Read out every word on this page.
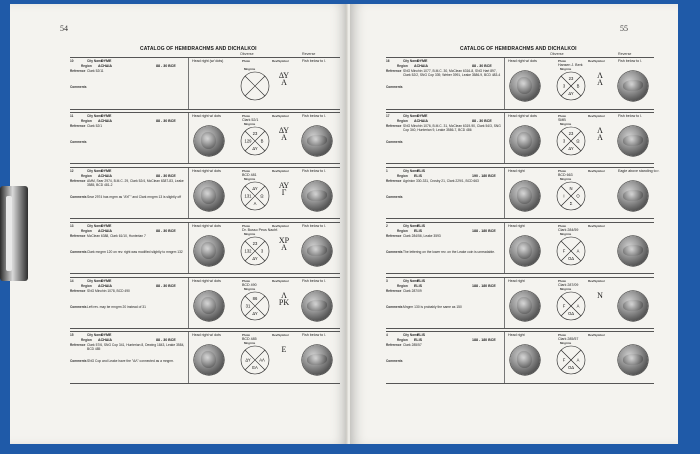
54
CATALOG OF HEMIDRACHMS AND DICHALKOI
Obverse	Reverse
10	City NameDYME
Region ACHAIA	88 - 30 BCE
Reference Clark 52/11
Comments
Head right (w/ dots)	Photo	Rev/Symbol	Fish below to l.
Mngrms
ΔΥ
A
11	City NameDYME
Region ACHAIA	88 - 30 BCE
Reference Clark 52/1
Comments
Head right w/ dots	Photo	Rev/Symbol	Fish below to l.
Clark 52/1
Mngrms
23
129 B
ΔΥ
ΔΥ
A
12	City NameDYME
Region ACHAIA	88 - 30 BCE
Reference AMM, Sear 2974, B.M.C. 29, Clark 52/4, McClean 6387-83, Leake 3585, BCD 481-2
Comments Sear 2974 has mgrm as "ΑΥΓ" and Clark mngrm 13 is slightly off
Head right w/ dots	Photo	Rev/Symbol	Fish below to l.
BCD 481
Mngrms
ΔΥ
131 Ω
Α
ΑΥ
Γ
13	City NameDYME
Region ACHAIA	88 - 30 BCE
Reference McClean 6388, Clark 61/10, Hunterian 7
Comments Clark mngrm 120 on rev. right was modified slightly to mngrm 132
Head right w/ dots	Photo	Rev/Symbol	Fish below to l.
Dr. Busso Peus Nachf.
Mngrms
23
132 3
ΔΥ
ΧΡ
Α
14	City NameDYME
Region ACHAIA	88 - 30 BCE
Reference SNG Minchin 1078, BCD 490
Comments Left rev. may be mngrm 20 instead of 31
Head right w/ dots	Photo	Rev/Symbol	Fish below to l.
BCD 490
Mngrms
86
31
ΔΥ
Λ
ΡΚ
15	City NameDYME
Region ACHAIA	88 - 30 BCE
Reference Clark 57/6, SNG Cop 341, Hunterian 8, Dewing 1843, Leake 3584, BCD 485
Comments SNG Cop and Leake have the "ΑΛ" connected as a mngrm.
Head right w/ dots	Photo	Rev/Symbol	Fish below to l.
BCD 485
Mngrms
ΔΥ ΑΛ
ΕΑ
Ε
55
CATALOG OF HEMIDRACHMS AND DICHALKOI
Obverse	Reverse
16	City NameDYME
Region ACHAIA	88 - 30 BCE
Reference SNG Minchin 1077, B.M.C. 30, McClean 6316-8, SNG Hart 897, Clark 52/2, SNG Cop 339, Weber 3991, Leake 3586-9, BCD 483-4
Comments
Head right w/ dots	Photo	Rev/Symbol	Fish below to l.
Hansen J. Berk
Mngrms
23
3	B
ΔΥ
Λ
Α
17	City NameDYME
Region ACHAIA	88 - 30 BCE
Reference SNG Minchin 1076, B.M.C. 31, McClean 6319-90, Clark 54/3, SNG Cop 340, Hunterian 9, Leake 3586-7, BCD 486
Comments
Head right w/ dots	Photo	Rev/Symbol	Fish below to l.
SMB
Mngrms
23
3	Ω
ΔΥ
Λ
Α
1	City NameELIS
Region ELIS	190 - 180 BCE
Reference Agrinion 330-331, Crosby 21, Clark 229/1, BCD 663
Comments
Head right	Photo	Rev/Symbol	Eagle above standing to r.
BCD 663
Mngrms
Ν
Ι	Ο
Σ
2	City NameELIS
Region ELIS	188 - 180 BCE
Reference Clark 284/56, Leake 3593
Comments The lettering on the lower rev. on the Leake coin is unreadable.
Head right	Photo	Rev/Symbol
Clark 284/59
Mngrms
F	A
OΔ
3	City NameELIS
Region ELIS	188 - 180 BCE
Reference Clark 287/09
Comments Mngrm 130 is probably the same as 150
Head right	Photo	Rev/Symbol
Clark 287/09
Mngrms
F	A
OΔ
Ν
4	City NameELIS
Region ELIS	188 - 180 BCE
Reference Clark 285/57
Comments
Head right	Photo	Rev/Symbol
Clark 285/57
Mngrms
F	A
OΔ
